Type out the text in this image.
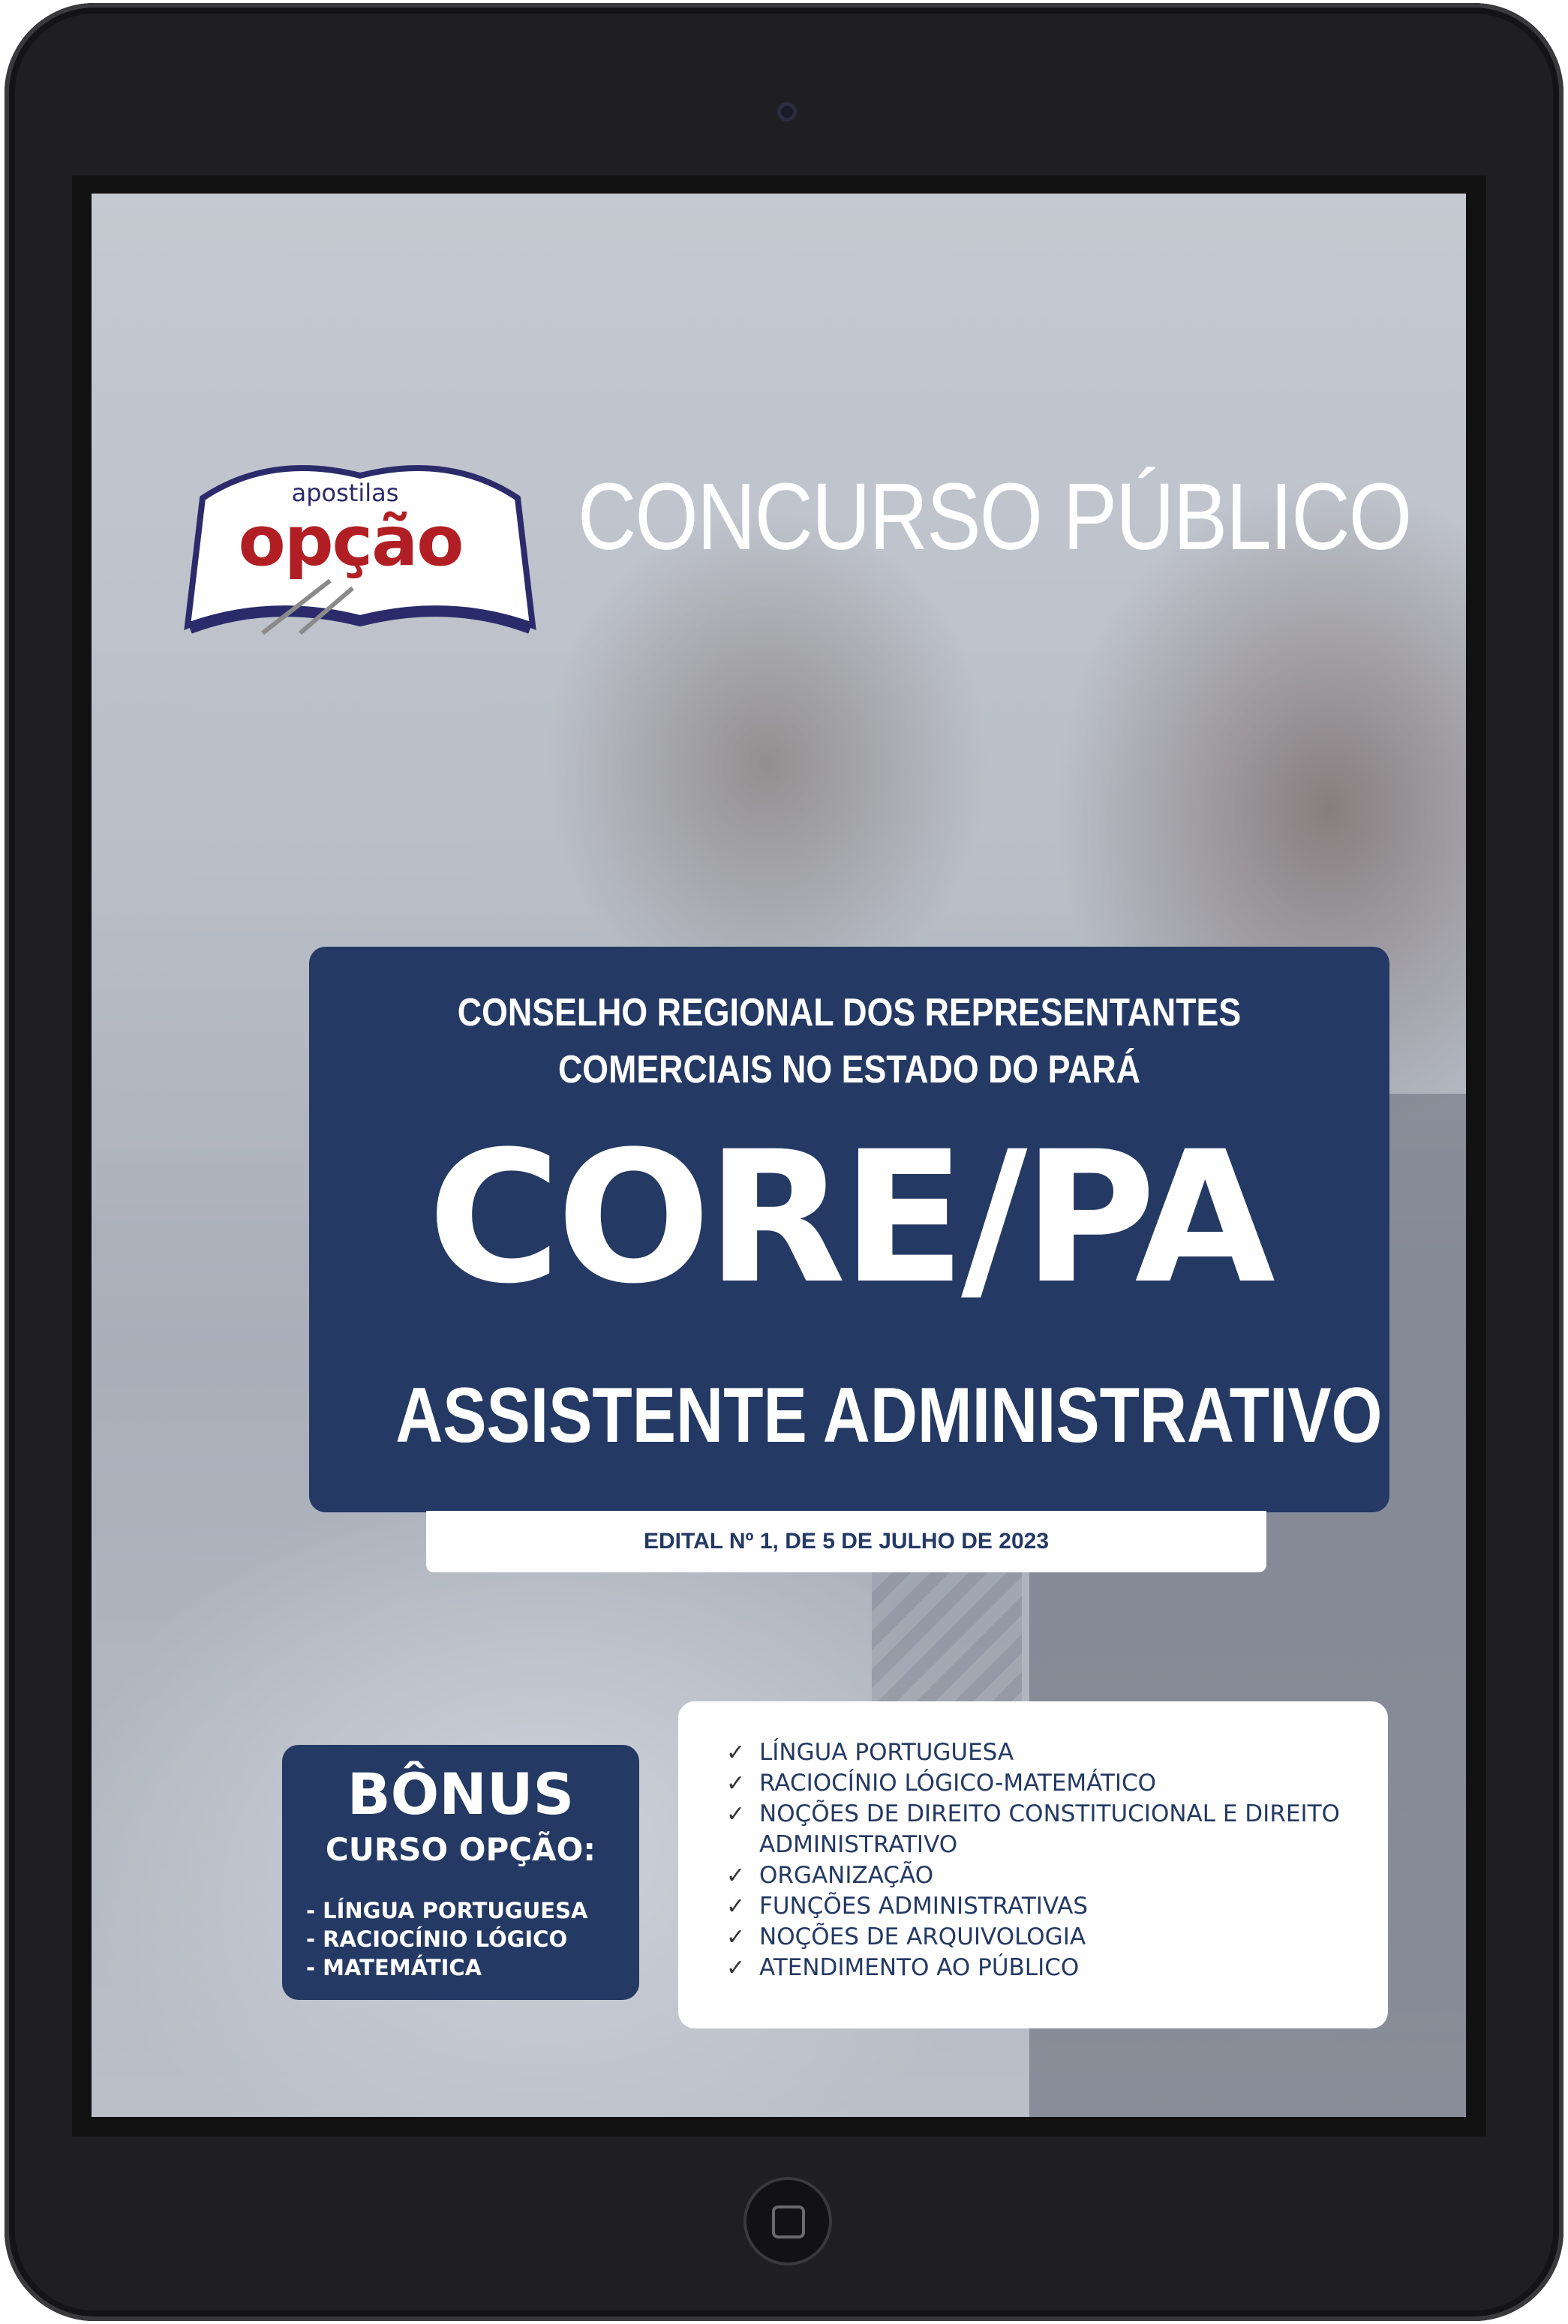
apostilas
opção CONCURSO PÚBLICO
CONSELHO REGIONAL DOS REPRESENTANTES
COMERCIAIS NO ESTADO DO PARÁ
CORE/PA
ASSISTENTE ADMINISTRATIVO
EDITAL Nº 1, DE 5 DE JULHO DE 2023
BÔNUS
CURSO OPÇÃO:
- LÍNGUA PORTUGUESA
- RACIOCÍNIO LÓGICO
- MATEMÁTICA
✓ LÍNGUA PORTUGUESA
✓ RACIOCÍNIO LÓGICO-MATEMÁTICO
✓ NOÇÕES DE DIREITO CONSTITUCIONAL E DIREITO ADMINISTRATIVO
✓ ORGANIZAÇÃO
✓ FUNÇÕES ADMINISTRATIVAS
✓ NOÇÕES DE ARQUIVOLOGIA
✓ ATENDIMENTO AO PÚBLICO
